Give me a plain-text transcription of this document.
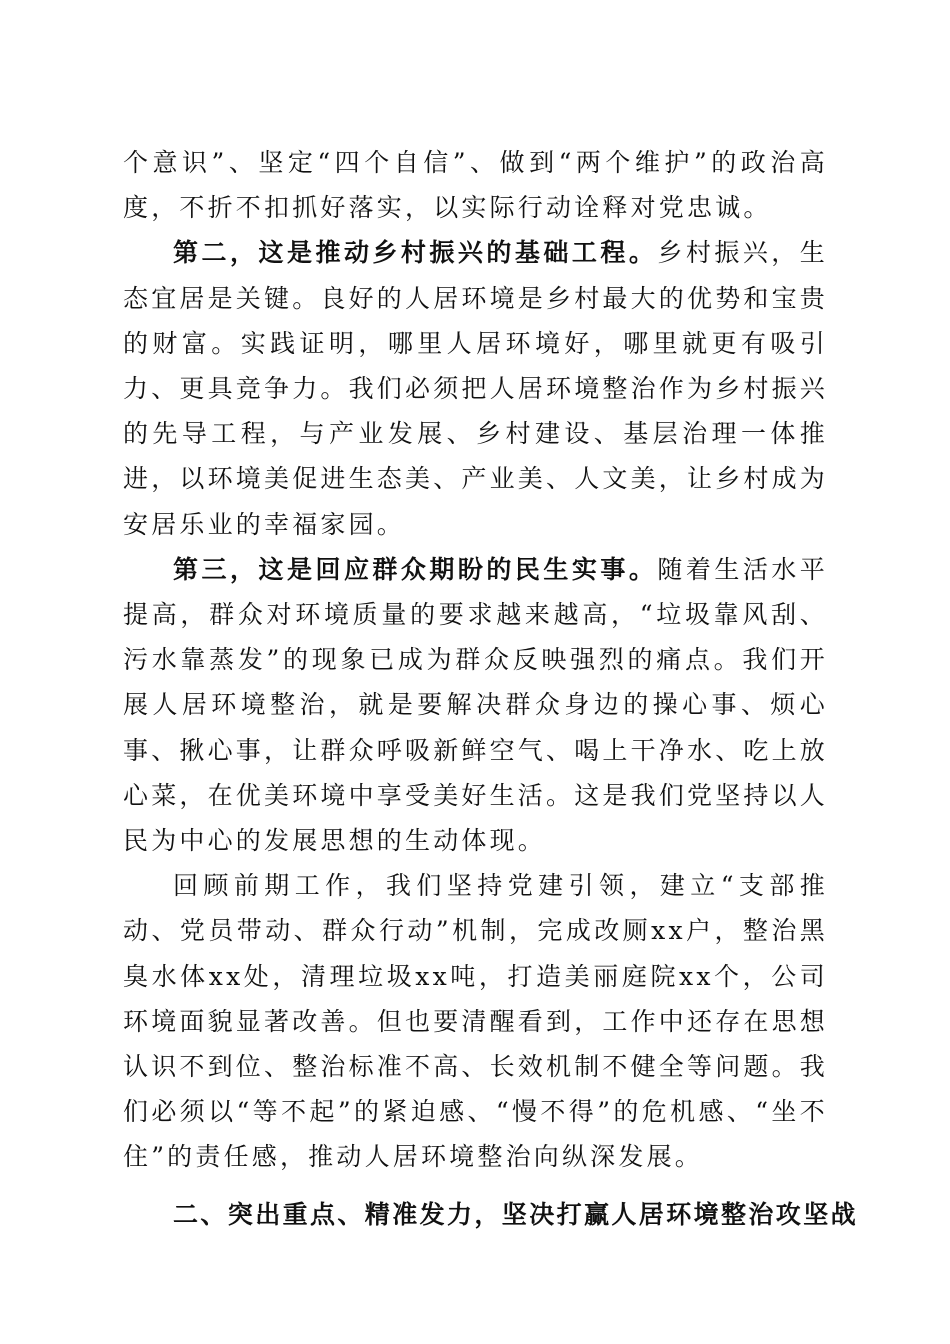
个意识”、坚定“四个自信”、做到“两个维护”的政治高度，不折不扣抓好落实，以实际行动诠释对党忠诚。

第二，这是推动乡村振兴的基础工程。乡村振兴，生态宜居是关键。良好的人居环境是乡村最大的优势和宝贵的财富。实践证明，哪里人居环境好，哪里就更有吸引力、更具竞争力。我们必须把人居环境整治作为乡村振兴的先导工程，与产业发展、乡村建设、基层治理一体推进，以环境美促进生态美、产业美、人文美，让乡村成为安居乐业的幸福家园。

第三，这是回应群众期盼的民生实事。随着生活水平提高，群众对环境质量的要求越来越高，“垃圾靠风刮、污水靠蒸发”的现象已成为群众反映强烈的痛点。我们开展人居环境整治，就是要解决群众身边的操心事、烦心事、揪心事，让群众呼吸新鲜空气、喝上干净水、吃上放心菜，在优美环境中享受美好生活。这是我们党坚持以人民为中心的发展思想的生动体现。

回顾前期工作，我们坚持党建引领，建立“支部推动、党员带动、群众行动”机制，完成改厕xx户，整治黑臭水体xx处，清理垃圾xx吨，打造美丽庭院xx个，公司环境面貌显著改善。但也要清醒看到，工作中还存在思想认识不到位、整治标准不高、长效机制不健全等问题。我们必须以“等不起”的紧迫感、“慢不得”的危机感、“坐不住”的责任感，推动人居环境整治向纵深发展。

二、突出重点、精准发力，坚决打赢人居环境整治攻坚战
